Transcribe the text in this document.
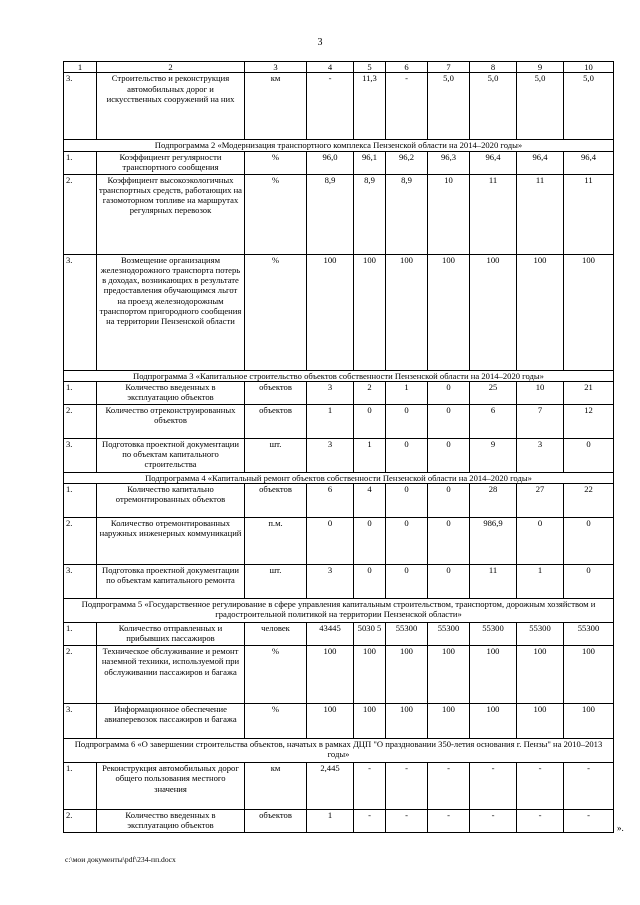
3
1	2	3	4	5	6	7	8	9	10
3.	Строительство и реконструкция автомобильных дорог и искусственных сооружений на них	км	-	11,3	-	5,0	5,0	5,0	5,0
Подпрограмма 2 «Модернизация транспортного комплекса Пензенской области на 2014–2020 годы»									
1.	Коэффициент регулярности транспортного сообщения	%	96,0	96,1	96,2	96,3	96,4	96,4	96,4
2.	Коэффициент высокоэкологичных транспортных средств, работающих на газомоторном топливе на маршрутах регулярных перевозок	%	8,9	8,9	8,9	10	11	11	11
3.	Возмещение организациям железнодорожного транспорта потерь в доходах, возникающих в результате предоставления обучающимся льгот на проезд железнодорожным транспортом пригородного сообщения на территории Пензенской области	%	100	100	100	100	100	100	100
Подпрограмма 3 «Капитальное строительство объектов собственности Пензенской области на 2014–2020 годы»									
1.	Количество введенных в эксплуатацию объектов	объектов	3	2	1	0	25	10	21
2.	Количество отреконструированных объектов	объектов	1	0	0	0	6	7	12
3.	Подготовка проектной документации по объектам капитального строительства	шт.	3	1	0	0	9	3	0
Подпрограмма 4 «Капитальный ремонт объектов собственности Пензенской области на 2014–2020 годы»									
1.	Количество капитально отремонтированных объектов	объектов	6	4	0	0	28	27	22
2.	Количество отремонтированных наружных инженерных коммуникаций	п.м.	0	0	0	0	986,9	0	0
3.	Подготовка проектной документации по объектам капитального ремонта	шт.	3	0	0	0	11	1	0
Подпрограмма 5 «Государственное регулирование в сфере управления капитальным строительством, транспортом, дорожным хозяйством и градостроительной политикой на территории Пензенской области»									
1.	Количество отправленных и прибывших пассажиров	человек	43445	5030 5	55300	55300	55300	55300	55300
2.	Техническое обслуживание и ремонт наземной техники, используемой при обслуживании пассажиров и багажа	%	100	100	100	100	100	100	100
3.	Информационное обеспечение авиаперевозок пассажиров и багажа	%	100	100	100	100	100	100	100
Подпрограмма 6 «О завершении строительства объектов, начатых в рамках ДЦП "О праздновании 350-летия основания г. Пензы" на 2010–2013 годы»									
1.	Реконструкция автомобильных дорог общего пользования местного значения	км	2,445	-	-	-	-	-	-
2.	Количество введенных в эксплуатацию объектов	объектов	1	-	-	-	-	-	-
».
c:\мои документы\pdf\234-пп.docx
